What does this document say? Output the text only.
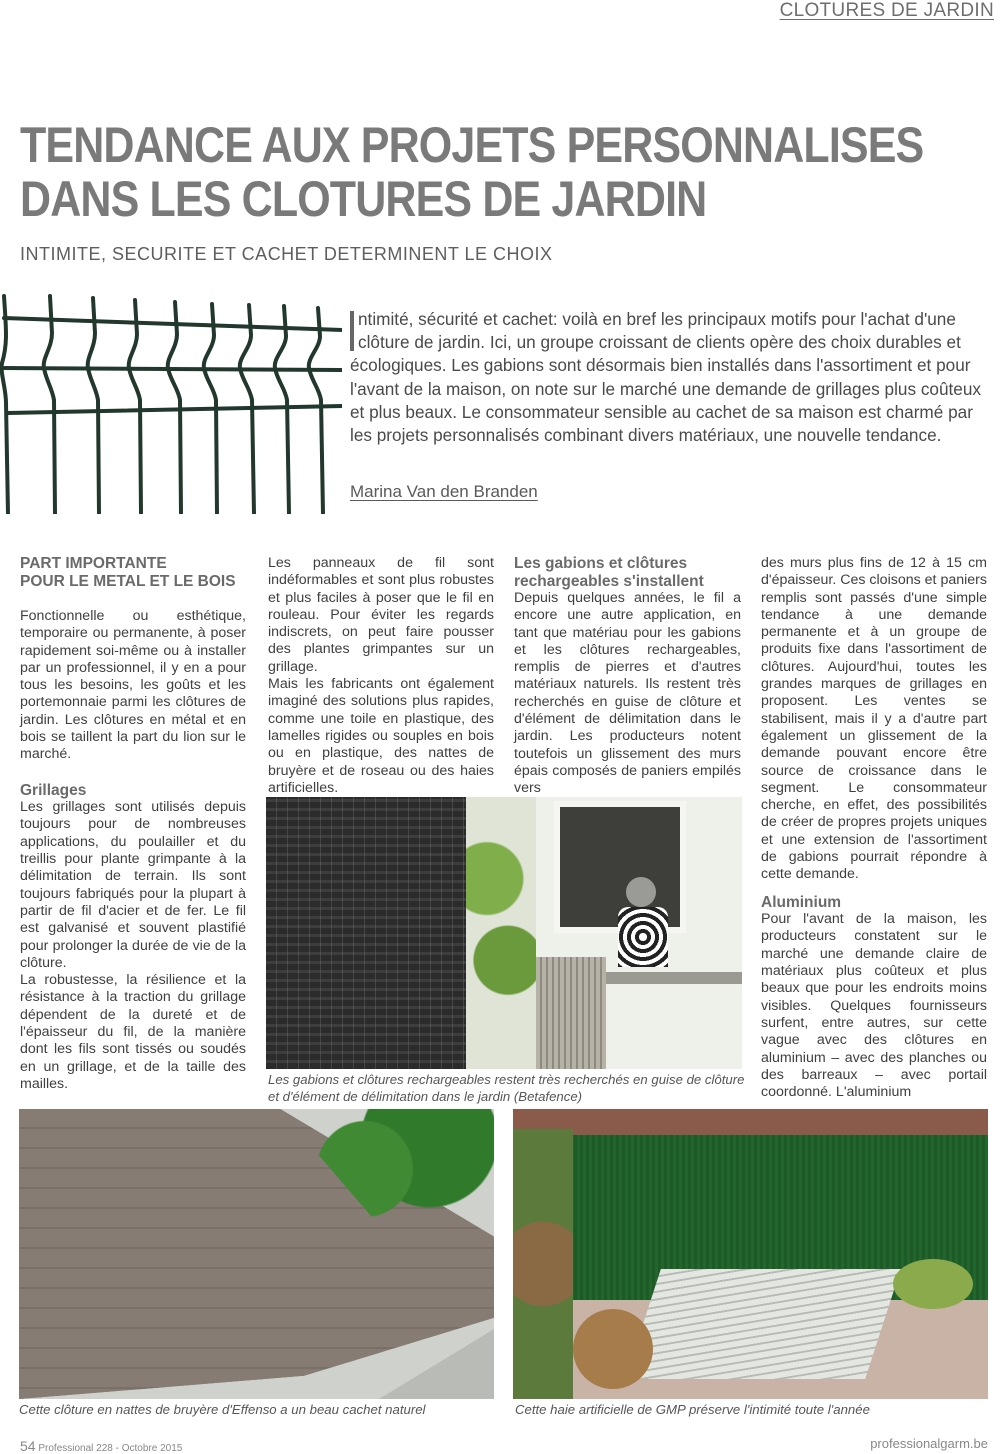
CLOTURES DE JARDIN
TENDANCE AUX PROJETS PERSONNALISES
DANS LES CLOTURES DE JARDIN
INTIMITE, SECURITE ET CACHET DETERMINENT LE CHOIX
ntimité, sécurité et cachet: voilà en bref les principaux motifs pour l'achat d'une clôture de jardin. Ici, un groupe croissant de clients opère des choix durables et écologiques. Les gabions sont désormais bien installés dans l'assortiment et pour l'avant de la maison, on note sur le marché une demande de grillages plus coûteux et plus beaux. Le consommateur sensible au cachet de sa maison est charmé par les projets personnalisés combinant divers matériaux, une nouvelle tendance.
Marina Van den Branden
PART IMPORTANTE
POUR LE METAL ET LE BOIS

Fonctionnelle ou esthétique, temporaire ou permanente, à poser rapidement soi-même ou à installer par un professionnel, il y en a pour tous les besoins, les goûts et les portemonnaie parmi les clôtures de jardin. Les clôtures en métal et en bois se taillent la part du lion sur le marché.

Grillages

Les grillages sont utilisés depuis toujours pour de nombreuses applications, du poulailler et du treillis pour plante grimpante à la délimitation de terrain. Ils sont toujours fabriqués pour la plupart à partir de fil d'acier et de fer. Le fil est galvanisé et souvent plastifié pour prolonger la durée de vie de la clôture.

La robustesse, la résilience et la résistance à la traction du grillage dépendent de la dureté et de l'épaisseur du fil, de la manière dont les fils sont tissés ou soudés en un grillage, et de la taille des mailles.

Les panneaux de fil sont indéformables et sont plus robustes et plus faciles à poser que le fil en rouleau. Pour éviter les regards indiscrets, on peut faire pousser des plantes grimpantes sur un grillage.

Mais les fabricants ont également imaginé des solutions plus rapides, comme une toile en plastique, des lamelles rigides ou souples en bois ou en plastique, des nattes de bruyère et de roseau ou des haies artificielles.

Les gabions et clôtures
rechargeables s'installent

Depuis quelques années, le fil a encore une autre application, en tant que matériau pour les gabions et les clôtures rechargeables, remplis de pierres et d'autres matériaux naturels. Ils restent très recherchés en guise de clôture et d'élément de délimitation dans le jardin. Les producteurs notent toutefois un glissement des murs épais composés de paniers empilés vers

des murs plus fins de 12 à 15 cm d'épaisseur. Ces cloisons et paniers remplis sont passés d'une simple tendance à une demande permanente et à un groupe de produits fixe dans l'assortiment de clôtures. Aujourd'hui, toutes les grandes marques de grillages en proposent. Les ventes se stabilisent, mais il y a d'autre part également un glissement de la demande pouvant encore être source de croissance dans le segment. Le consommateur cherche, en effet, des possibilités de créer de propres projets uniques et une extension de l'assortiment de gabions pourrait répondre à cette demande.

Aluminium

Pour l'avant de la maison, les producteurs constatent sur le marché une demande claire de matériaux plus coûteux et plus beaux que pour les endroits moins visibles. Quelques fournisseurs surfent, entre autres, sur cette vague avec des clôtures en aluminium – avec des planches ou des barreaux – avec portail coordonné. L'aluminium

Les gabions et clôtures rechargeables restent très recherchés en guise de clôture et d'élément de délimitation dans le jardin (Betafence)
Cette clôture en nattes de bruyère d'Effenso a un beau cachet naturel	Cette haie artificielle de GMP préserve l'intimité toute l'année
54 Professional 228 - Octobre 2015	professionalgarm.be
